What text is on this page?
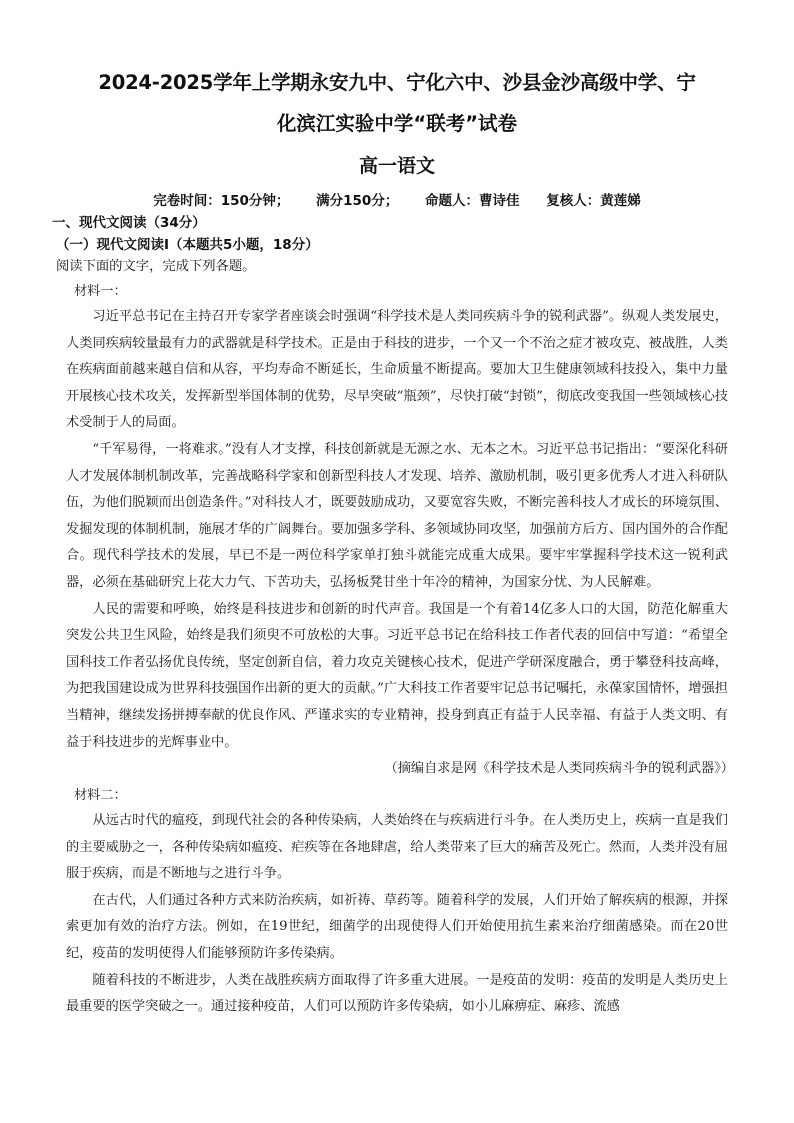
2024-2025学年上学期永安九中、宁化六中、沙县金沙高级中学、宁
化滨江实验中学“联考”试卷
高一语文
完卷时间：150分钟； 满分150分； 命题人：曹诗佳 复核人：黄莲娣
一、现代文阅读（34分）
（一）现代文阅读Ⅰ（本题共5小题，18分）
阅读下面的文字，完成下列各题。
材料一：

习近平总书记在主持召开专家学者座谈会时强调“科学技术是人类同疾病斗争的锐利武器”。纵观人类发展史，人类同疾病较量最有力的武器就是科学技术。正是由于科技的进步，一个又一个不治之症才被攻克、被战胜，人类在疾病面前越来越自信和从容，平均寿命不断延长，生命质量不断提高。要加大卫生健康领域科技投入，集中力量开展核心技术攻关，发挥新型举国体制的优势，尽早突破“瓶颈”，尽快打破“封锁”，彻底改变我国一些领域核心技术受制于人的局面。

“千军易得，一将难求。”没有人才支撑，科技创新就是无源之水、无本之木。习近平总书记指出：“要深化科研人才发展体制机制改革，完善战略科学家和创新型科技人才发现、培养、激励机制，吸引更多优秀人才进入科研队伍，为他们脱颖而出创造条件。”对科技人才，既要鼓励成功，又要宽容失败，不断完善科技人才成长的环境氛围、发掘发现的体制机制，施展才华的广阔舞台。要加强多学科、多领域协同攻坚，加强前方后方、国内国外的合作配合。现代科学技术的发展，早已不是一两位科学家单打独斗就能完成重大成果。要牢牢掌握科学技术这一锐利武器，必须在基础研究上花大力气、下苦功夫，弘扬板凳甘坐十年冷的精神，为国家分忧、为人民解难。

人民的需要和呼唤，始终是科技进步和创新的时代声音。我国是一个有着14亿多人口的大国，防范化解重大突发公共卫生风险，始终是我们须臾不可放松的大事。习近平总书记在给科技工作者代表的回信中写道：“希望全国科技工作者弘扬优良传统，坚定创新自信，着力攻克关键核心技术，促进产学研深度融合，勇于攀登科技高峰，为把我国建设成为世界科技强国作出新的更大的贡献。”广大科技工作者要牢记总书记嘱托，永葆家国情怀，增强担当精神，继续发扬拼搏奉献的优良作风、严谨求实的专业精神，投身到真正有益于人民幸福、有益于人类文明、有益于科技进步的光辉事业中。

（摘编自求是网《科学技术是人类同疾病斗争的锐利武器》）
材料二：

从远古时代的瘟疫，到现代社会的各种传染病，人类始终在与疾病进行斗争。在人类历史上，疾病一直是我们的主要威胁之一，各种传染病如瘟疫、疟疾等在各地肆虐，给人类带来了巨大的痛苦及死亡。然而，人类并没有屈服于疾病，而是不断地与之进行斗争。

在古代，人们通过各种方式来防治疾病，如祈祷、草药等。随着科学的发展，人们开始了解疾病的根源，并探索更加有效的治疗方法。例如，在19世纪，细菌学的出现使得人们开始使用抗生素来治疗细菌感染。而在20世纪，疫苗的发明使得人们能够预防许多传染病。

随着科技的不断进步，人类在战胜疾病方面取得了许多重大进展。一是疫苗的发明：疫苗的发明是人类历史上最重要的医学突破之一。通过接种疫苗，人们可以预防许多传染病，如小儿麻痹症、麻疹、流感
